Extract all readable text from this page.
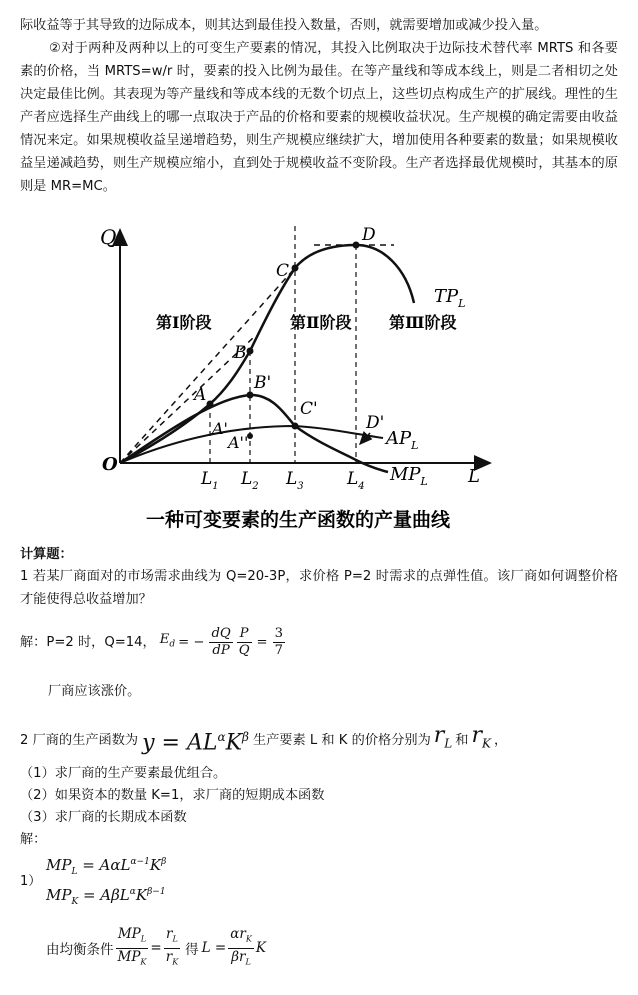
际收益等于其导致的边际成本，则其达到最佳投入数量，否则，就需要增加或减少投入量。

②对于两种及两种以上的可变生产要素的情况，其投入比例取决于边际技术替代率 MRTS 和各要素的价格，当 MRTS=w/r 时，要素的投入比例为最佳。在等产量线和等成本线上，则是二者相切之处决定最佳比例。其表现为等产量线和等成本线的无数个切点上，这些切点构成生产的扩展线。理性的生产者应选择生产曲线上的哪一点取决于产品的价格和要素的规模收益状况。生产规模的确定需要由收益情况来定。如果规模收益呈递增趋势，则生产规模应继续扩大，增加使用各种要素的数量；如果规模收益呈递减趋势，则生产规模应缩小，直到处于规模收益不变阶段。生产者选择最优规模时，其基本的原则是 MR=MC。

Q
L
O
A
B
C
D
A'
A''
B'
C'
D'
$TP_L$
$AP_L$
$MP_L$
第Ⅰ阶段	第Ⅱ阶段 第Ⅲ阶段
$L_1$ $L_2$ $L_3$	$L_4$
一种可变要素的生产函数的产量曲线

计算题：

1 若某厂商面对的市场需求曲线为 Q=20-3P，求价格 P=2 时需求的点弹性值。该厂商如何调整价格才能使得总收益增加？

解：P=2 时，Q=14， $E_d$ = − $\frac{dQ}{dP} \frac{P}{Q} = \frac{3}{7}$

厂商应该涨价。

2 厂商的生产函数为 $y = AL^\alpha K^\beta$ 生产要素 L 和 K 的价格分别为 $r_L$ 和 $r_K$ ，

（1）求厂商的生产要素最优组合。

（2）如果资本的数量 K=1，求厂商的短期成本函数

（3）求厂商的长期成本函数

解：

1）
$MP_L = A\alpha L^{\alpha-1}K^\beta$
$MP_K = A\beta L^\alpha K^{\beta-1}$
由均衡条件 $\frac{MP_L}{MP_K} = \frac{r_L}{r_K}$ 得 $L = \frac{\alpha r_K}{\beta r_L}$ K
